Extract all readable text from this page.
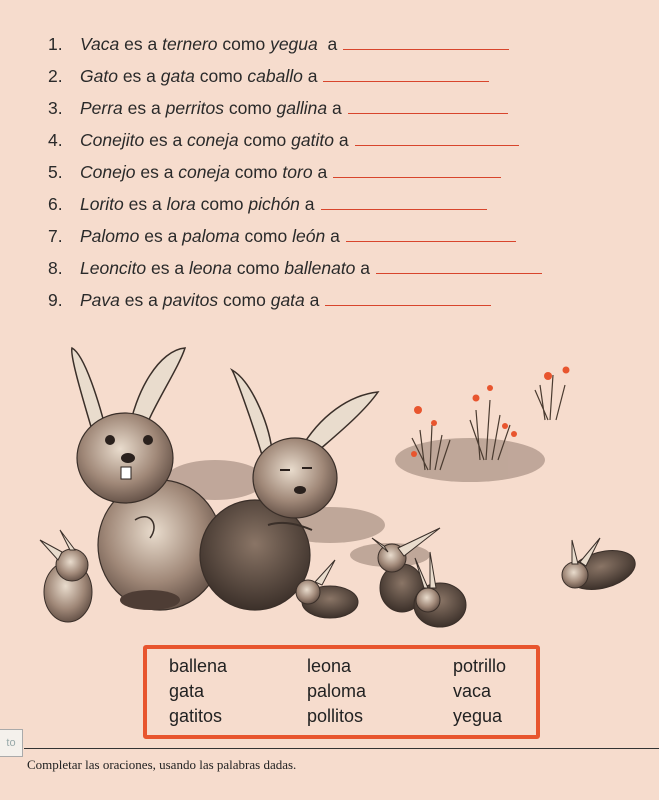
1. Vaca es a ternero como yegua a
2. Gato es a gata como caballo a
3. Perra es a perritos como gallina a
4. Conejito es a coneja como gatito a
5. Conejo es a coneja como toro a
6. Lorito es a lora como pichón a
7. Palomo es a paloma como león a
8. Leoncito es a leona como ballenato a
9. Pava es a pavitos como gata a
ballena	leona	potrillo
gata	paloma	vaca
gatitos	pollitos	yegua
to
Completar las oraciones, usando las palabras dadas.
